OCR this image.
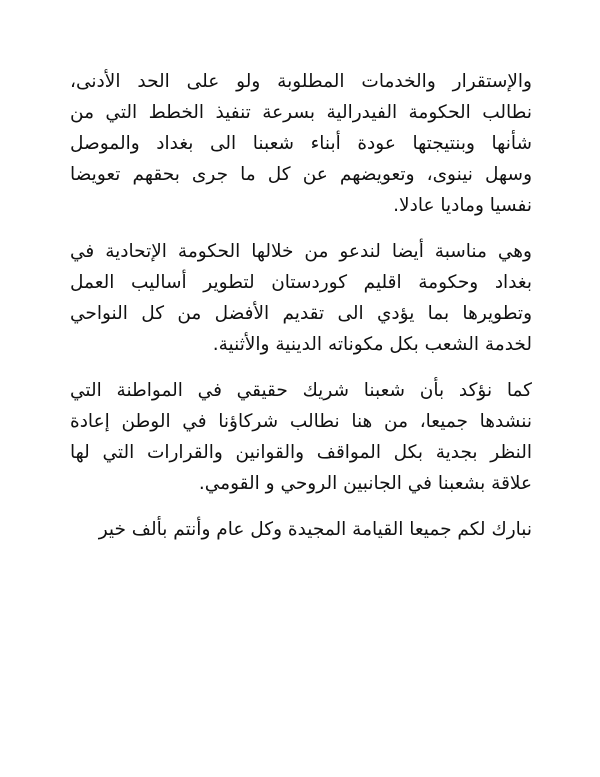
والإستقرار والخدمات المطلوبة ولو على الحد الأدنى،
نطالب الحكومة الفيدرالية بسرعة تنفيذ الخطط التي من
شأنها وبنتيجتها عودة أبناء شعبنا الى بغداد والموصل
وسهل نينوى، وتعويضهم عن كل ما جرى بحقهم تعويضا
نفسيا وماديا عادلا.

وهي مناسبة أيضا لندعو من خلالها الحكومة الإتحادية في
بغداد وحكومة اقليم كوردستان لتطوير أساليب العمل
وتطويرها بما يؤدي الى تقديم الأفضل من كل النواحي
لخدمة الشعب بكل مكوناته الدينية والأثنية.

كما نؤكد بأن شعبنا شريك حقيقي في المواطنة التي
ننشدها جميعا، من هنا نطالب شركاؤنا في الوطن إعادة
النظر بجدية بكل المواقف والقوانين والقرارات التي لها
علاقة بشعبنا في الجانبين الروحي و القومي.

نبارك لكم جميعا القيامة المجيدة وكل عام وأنتم بألف خير
